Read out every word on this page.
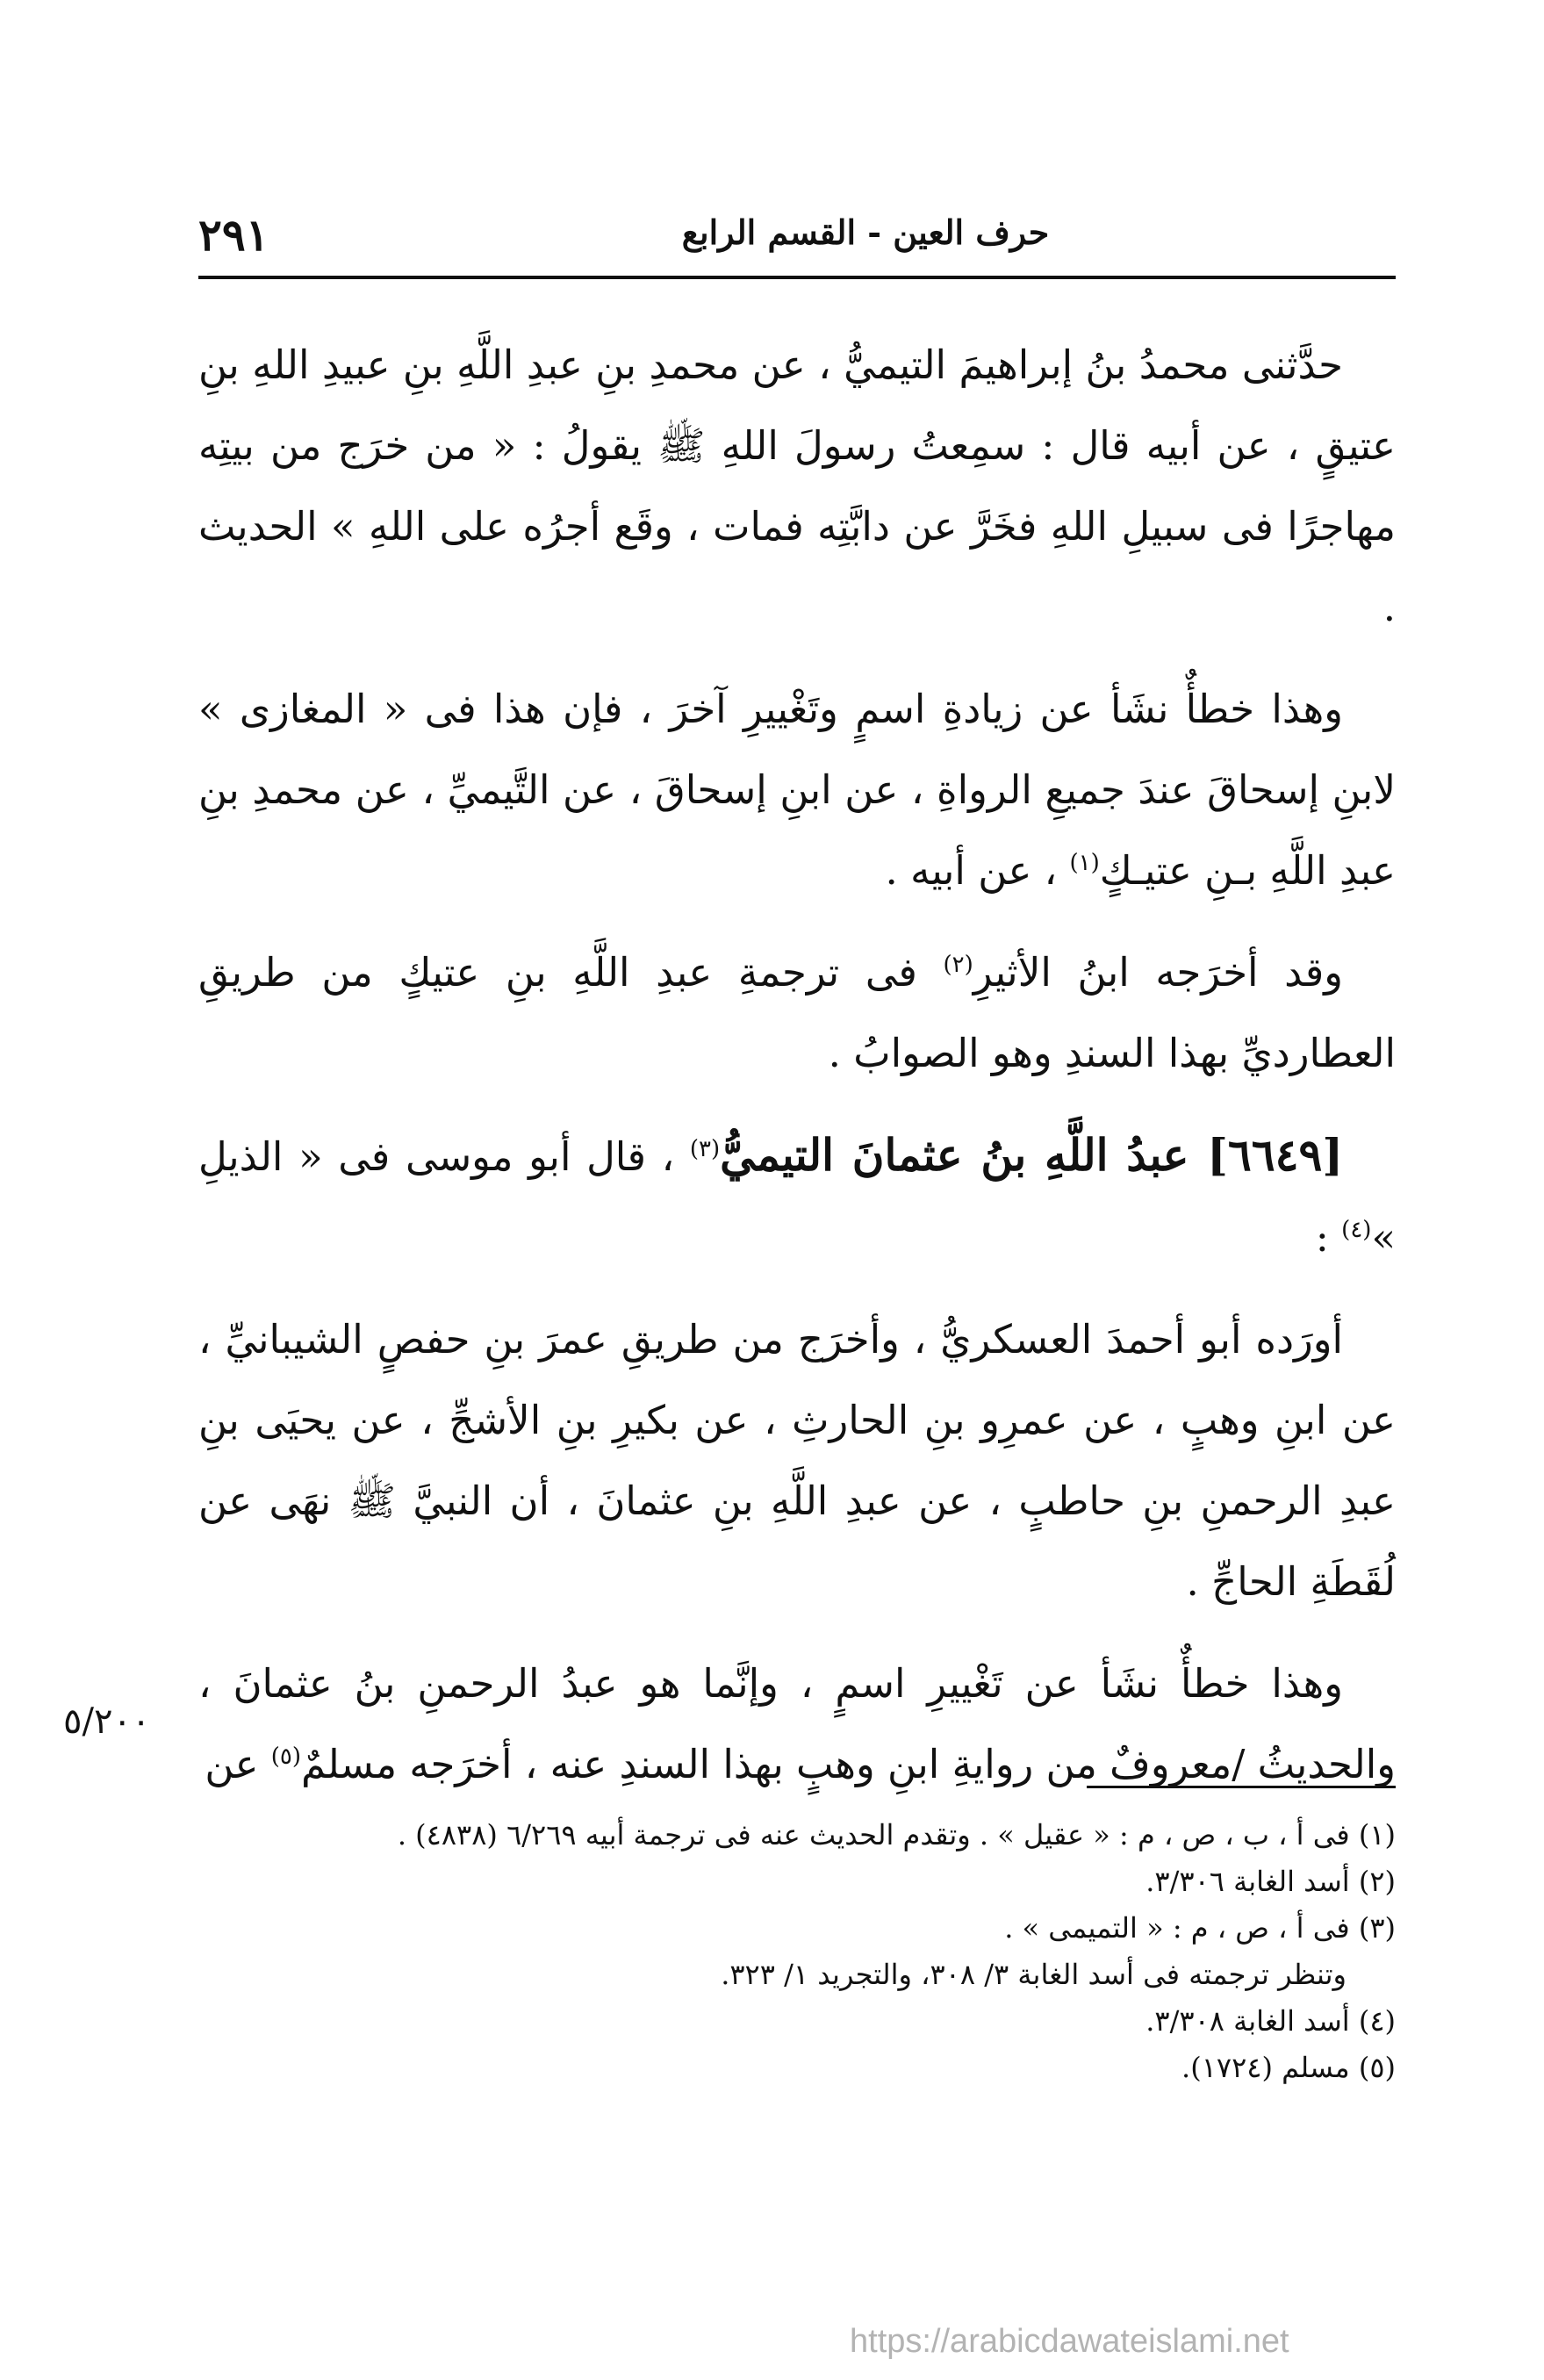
٢٩١	حرف العين - القسم الرابع

حدَّثنى محمدُ بنُ إبراهيمَ التيميُّ ، عن محمدِ بنِ عبدِ اللَّهِ بنِ عبيدِ اللهِ بنِ عتيقٍ ، عن أبيه قال : سمِعتُ رسولَ اللهِ ﷺ يقولُ : « من خرَج من بيتِه مهاجرًا فى سبيلِ اللهِ فخَرَّ عن دابَّتِه فمات ، وقَع أجرُه على اللهِ » الحديث .

وهذا خطأٌ نشَأ عن زيادةِ اسمٍ وتَغْييرِ آخرَ ، فإن هذا فى « المغازى » لابنِ إسحاقَ عندَ جميعِ الرواةِ ، عن ابنِ إسحاقَ ، عن التَّيميِّ ، عن محمدِ بنِ عبدِ اللَّهِ بـنِ عتيـكٍ$^{(١)}$ ، عن أبيه .

وقد أخرَجه ابنُ الأثيرِ$^{(٢)}$ فى ترجمةِ عبدِ اللَّهِ بنِ عتيكٍ من طريقِ العطارديِّ بهذا السندِ وهو الصوابُ .

[٦٦٤٩] عبدُ اللَّهِ بنُ عثمانَ التيميُّ$^{(٣)}$ ، قال أبو موسى فى « الذيلِ »$^{(٤)}$ :

أورَده أبو أحمدَ العسكريُّ ، وأخرَج من طريقِ عمرَ بنِ حفصٍ الشيبانيِّ ، عن ابنِ وهبٍ ، عن عمرِو بنِ الحارثِ ، عن بكيرِ بنِ الأشجِّ ، عن يحيَى بنِ عبدِ الرحمنِ بنِ حاطبٍ ، عن عبدِ اللَّهِ بنِ عثمانَ ، أن النبيَّ ﷺ نهَى عن لُقَطَةِ الحاجِّ .

وهذا خطأٌ نشَأ عن تَغْييرِ اسمٍ ، وإنَّما هو عبدُ الرحمنِ بنُ عثمانَ ، والحديثُ /معروفٌ من روايةِ ابنِ وهبٍ بهذا السندِ عنه ، أخرَجه مسلمٌ$^{(٥)}$ عن

٥/٢٠٠
(١) فى أ ، ب ، ص ، م : « عقيل » . وتقدم الحديث عنه فى ترجمة أبيه ٦/٢٦٩ (٤٨٣٨) .
(٢) أسد الغابة ٣/٣٠٦.
(٣) فى أ ، ص ، م : « التميمى » .
وتنظر ترجمته فى أسد الغابة ٣/ ٣٠٨، والتجريد ١/ ٣٢٣.
(٤) أسد الغابة ٣/٣٠٨.
(٥) مسلم (١٧٢٤).
https://arabicdawateislami.net
